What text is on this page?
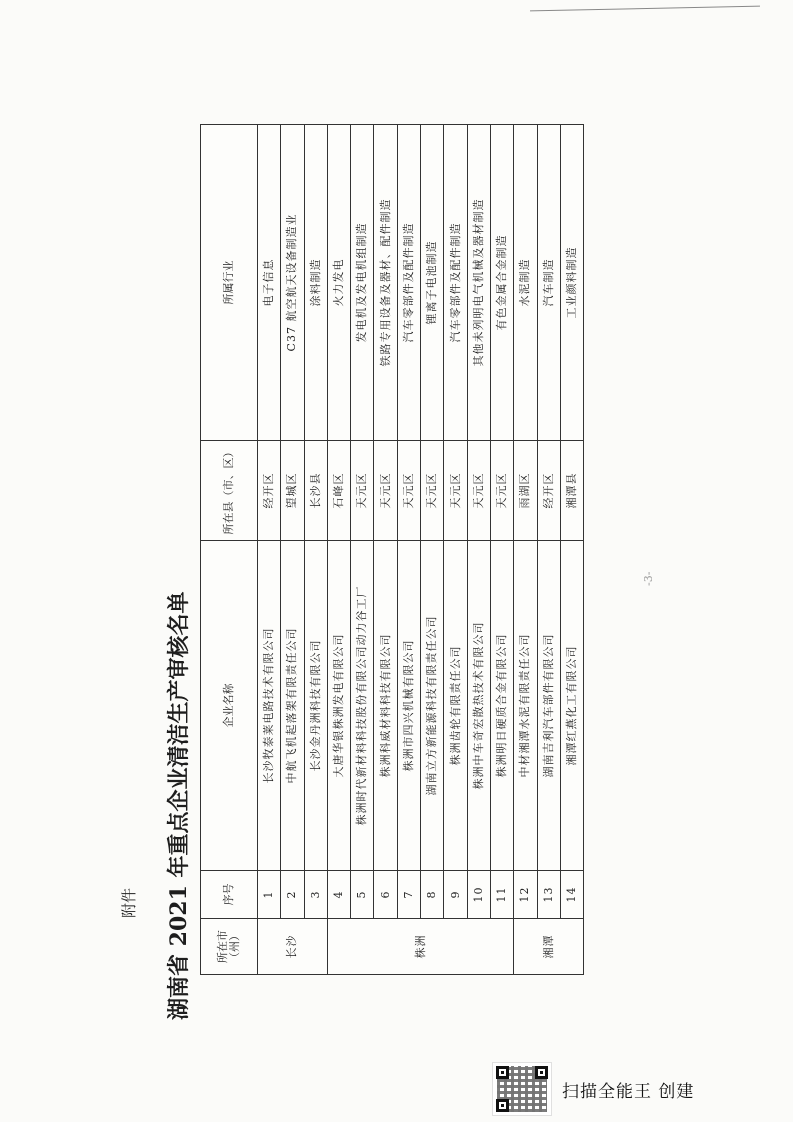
附件 湖南省 2021 年重点企业清洁生产审核名单
-3-
所在市（州）	序号	企业名称	所在县（市、区）	所属行业
长沙	1	长沙牧泰莱电路技术有限公司	经开区	电子信息
	2	中航飞机起落架有限责任公司	望城区	C37 航空航天设备制造业
	3	长沙金丹洲科技有限公司	长沙县	涂料制造
株洲	4	大唐华银株洲发电有限公司	石峰区	火力发电
	5	株洲时代新材料科技股份有限公司动力谷工厂	天元区	发电机及发电机组制造
	6	株洲科威材料科技有限公司	天元区	铁路专用设备及器材、配件制造
	7	株洲市四兴机械有限公司	天元区	汽车零部件及配件制造
	8	湖南立方新能源科技有限责任公司	天元区	锂离子电池制造
	9	株洲齿轮有限责任公司	天元区	汽车零部件及配件制造
	10	株洲中车奇宏散热技术有限公司	天元区	其他未列明电气机械及器材制造
	11	株洲明日硬质合金有限公司	天元区	有色金属合金制造
湘潭	12	中材湘潭水泥有限责任公司	雨湖区	水泥制造
	13	湖南吉利汽车部件有限公司	经开区	汽车制造
	14	湘潭红燕化工有限公司	湘潭县	工业颜料制造
扫描全能王 创建
